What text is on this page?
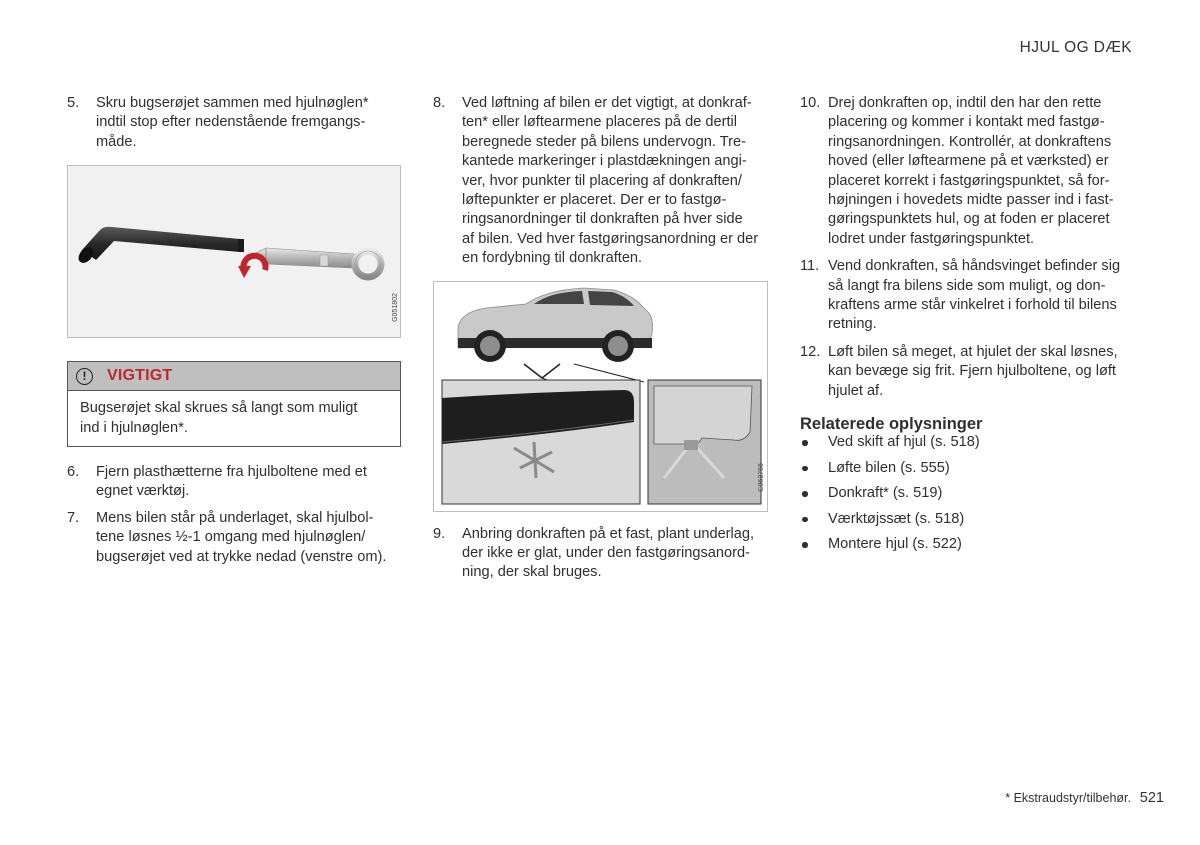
HJUL OG DÆK
5. Skru bugserøjet sammen med hjulnøglen*
indtil stop efter nedenstående fremgangs-
måde.
G051802
!	VIGTIGT
Bugserøjet skal skrues så langt som muligt
ind i hjulnøglen*.
6. Fjern plasthætterne fra hjulboltene med et
egnet værktøj.
7. Mens bilen står på underlaget, skal hjulbol-
tene løsnes ½-1 omgang med hjulnøglen/
bugserøjet ved at trykke nedad (venstre om).
8. Ved løftning af bilen er det vigtigt, at donkraf-
ten* eller løftearmene placeres på de dertil
beregnede steder på bilens undervogn. Tre-
kantede markeringer i plastdækningen angi-
ver, hvor punkter til placering af donkraften/
løftepunkter er placeret. Der er to fastgø-
ringsanordninger til donkraften på hver side
af bilen. Ved hver fastgøringsanordning er der
en fordybning til donkraften.
G063766
9. Anbring donkraften på et fast, plant underlag,
der ikke er glat, under den fastgøringsanord-
ning, der skal bruges.
10. Drej donkraften op, indtil den har den rette
placering og kommer i kontakt med fastgø-
ringsanordningen. Kontrollér, at donkraftens
hoved (eller løftearmene på et værksted) er
placeret korrekt i fastgøringspunktet, så for-
højningen i hovedets midte passer ind i fast-
gøringspunktets hul, og at foden er placeret
lodret under fastgøringspunktet.
11. Vend donkraften, så håndsvinget befinder sig
så langt fra bilens side som muligt, og don-
kraftens arme står vinkelret i forhold til bilens
retning.
12. Løft bilen så meget, at hjulet der skal løsnes,
kan bevæge sig frit. Fjern hjulboltene, og løft
hjulet af.
Relaterede oplysninger
Ved skift af hjul (s. 518)
Løfte bilen (s. 555)
Donkraft* (s. 519)
Værktøjssæt (s. 518)
Montere hjul (s. 522)
* Ekstraudstyr/tilbehør. 521
